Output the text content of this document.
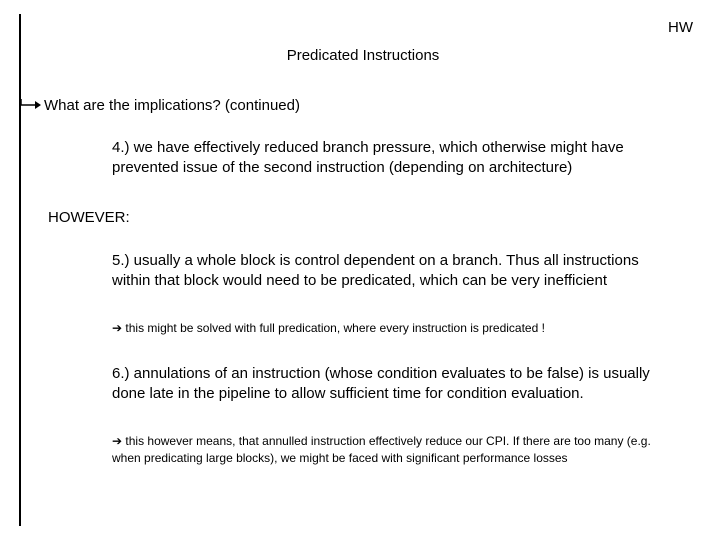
HW
Predicated Instructions
What are the implications? (continued)
4.) we have effectively reduced branch pressure, which otherwise might have prevented issue of the second instruction (depending on architecture)
HOWEVER:
5.) usually a whole block is control dependent on a branch. Thus all instructions within that block would need to be predicated, which can be very inefficient
➔ this might be solved with full predication, where every instruction is predicated !
6.) annulations of an instruction (whose condition evaluates to be false) is usually done late in the pipeline to allow sufficient time for condition evaluation.
➔ this however means, that annulled instruction effectively reduce our CPI. If there are too many (e.g. when predicating large blocks), we might be faced with significant performance losses
